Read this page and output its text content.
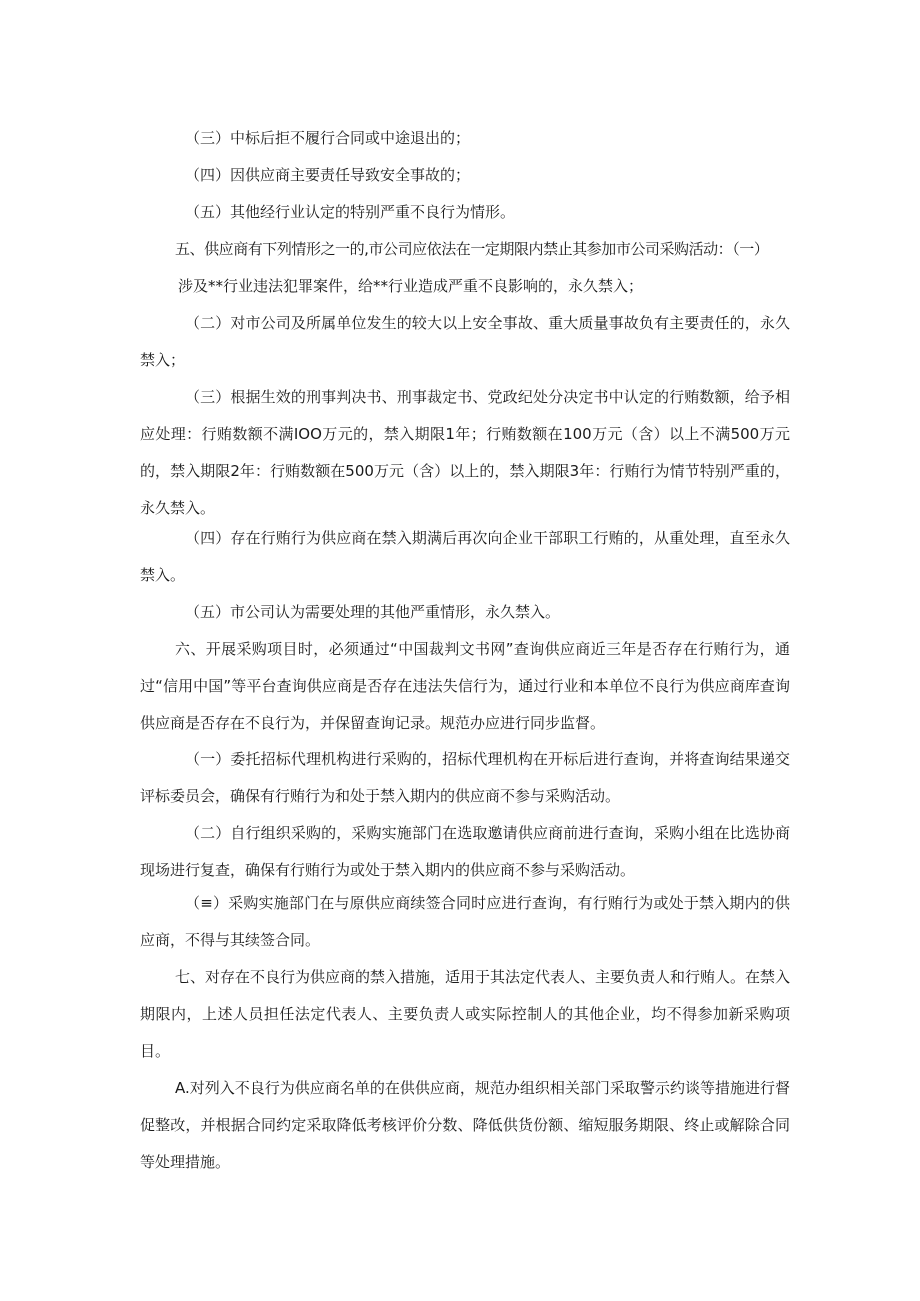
（三）中标后拒不履行合同或中途退出的；

（四）因供应商主要责任导致安全事故的；

（五）其他经行业认定的特别严重不良行为情形。

五、供应商有下列情形之一的,市公司应依法在一定期限内禁止其参加市公司采购活动：（一）

涉及**行业违法犯罪案件，给**行业造成严重不良影响的，永久禁入；

（二）对市公司及所属单位发生的较大以上安全事故、重大质量事故负有主要责任的，永久禁入；

（三）根据生效的刑事判决书、刑事裁定书、党政纪处分决定书中认定的行贿数额，给予相应处理：行贿数额不满IOO万元的，禁入期限1年；行贿数额在100万元（含）以上不满500万元的，禁入期限2年：行贿数额在500万元（含）以上的，禁入期限3年：行贿行为情节特别严重的，永久禁入。

（四）存在行贿行为供应商在禁入期满后再次向企业干部职工行贿的，从重处理，直至永久禁入。

（五）市公司认为需要处理的其他严重情形，永久禁入。

六、开展采购项目时，必须通过“中国裁判文书网”查询供应商近三年是否存在行贿行为，通过“信用中国”等平台查询供应商是否存在违法失信行为，通过行业和本单位不良行为供应商库查询供应商是否存在不良行为，并保留查询记录。规范办应进行同步监督。

（一）委托招标代理机构进行采购的，招标代理机构在开标后进行查询，并将查询结果递交评标委员会，确保有行贿行为和处于禁入期内的供应商不参与采购活动。

（二）自行组织采购的，采购实施部门在选取邀请供应商前进行查询，采购小组在比选协商现场进行复查，确保有行贿行为或处于禁入期内的供应商不参与采购活动。

（≡）采购实施部门在与原供应商续签合同时应进行查询，有行贿行为或处于禁入期内的供应商，不得与其续签合同。

七、对存在不良行为供应商的禁入措施，适用于其法定代表人、主要负责人和行贿人。在禁入期限内，上述人员担任法定代表人、主要负责人或实际控制人的其他企业，均不得参加新采购项目。

A.对列入不良行为供应商名单的在供供应商，规范办组织相关部门采取警示约谈等措施进行督促整改，并根据合同约定采取降低考核评价分数、降低供货份额、缩短服务期限、终止或解除合同等处理措施。
